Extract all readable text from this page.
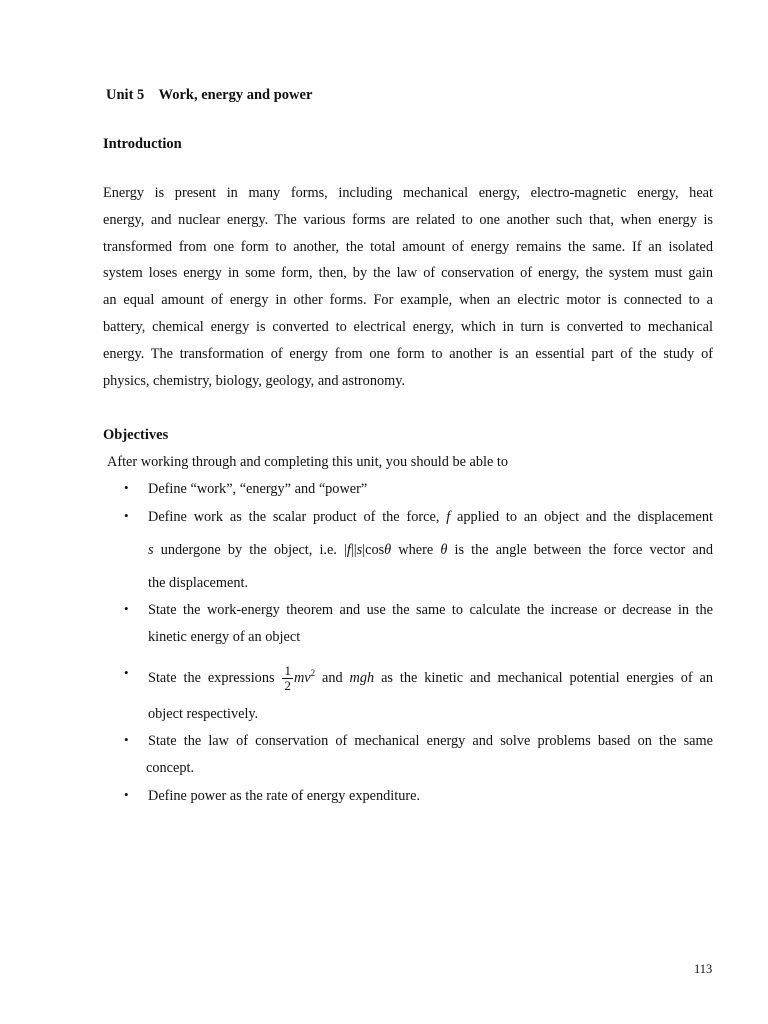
Unit 5 Work, energy and power
Introduction
Energy is present in many forms, including mechanical energy, electro-magnetic energy, heat
energy, and nuclear energy. The various forms are related to one another such that, when energy is
transformed from one form to another, the total amount of energy remains the same. If an isolated
system loses energy in some form, then, by the law of conservation of energy, the system must gain
an equal amount of energy in other forms. For example, when an electric motor is connected to a
battery, chemical energy is converted to electrical energy, which in turn is converted to mechanical
energy. The transformation of energy from one form to another is an essential part of the study of
physics, chemistry, biology, geology, and astronomy.
Objectives
After working through and completing this unit, you should be able to
• Define “work”, “energy” and “power”
• Define work as the scalar product of the force, f applied to an object and the displacement
s undergone by the object, i.e. |f||s|cosθ where θ is the angle between the force vector and
the displacement.
• State the work-energy theorem and use the same to calculate the increase or decrease in the
kinetic energy of an object
• State the expressions $\frac{1}{2} mv^2$ and mgh as the kinetic and mechanical potential energies of an
object respectively.
• State the law of conservation of mechanical energy and solve problems based on the same
concept.
• Define power as the rate of energy expenditure.
113
